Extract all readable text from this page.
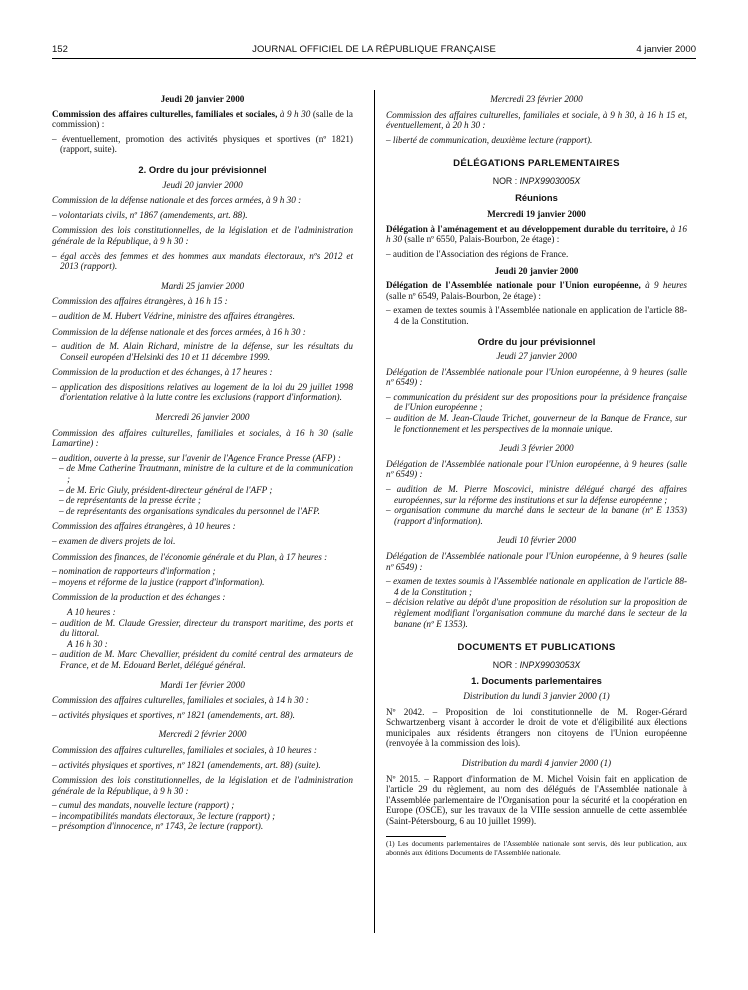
152	JOURNAL OFFICIEL DE LA RÉPUBLIQUE FRANÇAISE	4 janvier 2000
Jeudi 20 janvier 2000

Commission des affaires culturelles, familiales et sociales, à 9 h 30 (salle de la commission) :

– éventuellement, promotion des activités physiques et sportives (nº 1821) (rapport, suite).
2. Ordre du jour prévisionnel
Jeudi 20 janvier 2000

Commission de la défense nationale et des forces armées, à 9 h 30 :

– volontariats civils, nº 1867 (amendements, art. 88).

Commission des lois constitutionnelles, de la législation et de l'administration générale de la République, à 9 h 30 :

– égal accès des femmes et des hommes aux mandats électoraux, nºs 2012 et 2013 (rapport).
Mardi 25 janvier 2000

Commission des affaires étrangères, à 16 h 15 :

– audition de M. Hubert Védrine, ministre des affaires étrangères.

Commission de la défense nationale et des forces armées, à 16 h 30 :

– audition de M. Alain Richard, ministre de la défense, sur les résultats du Conseil européen d'Helsinki des 10 et 11 décembre 1999.

Commission de la production et des échanges, à 17 heures :

– application des dispositions relatives au logement de la loi du 29 juillet 1998 d'orientation relative à la lutte contre les exclusions (rapport d'information).
Mercredi 26 janvier 2000

Commission des affaires culturelles, familiales et sociales, à 16 h 30 (salle Lamartine) :

– audition, ouverte à la presse, sur l'avenir de l'Agence France Presse (AFP) :
– de Mme Catherine Trautmann, ministre de la culture et de la communication ;
– de M. Eric Giuly, président-directeur général de l'AFP ;
– de représentants de la presse écrite ;
– de représentants des organisations syndicales du personnel de l'AFP.

Commission des affaires étrangères, à 10 heures :

– examen de divers projets de loi.

Commission des finances, de l'économie générale et du Plan, à 17 heures :

– nomination de rapporteurs d'information ;
– moyens et réforme de la justice (rapport d'information).

Commission de la production et des échanges :

A 10 heures :
– audition de M. Claude Gressier, directeur du transport maritime, des ports et du littoral.
A 16 h 30 :
– audition de M. Marc Chevallier, président du comité central des armateurs de France, et de M. Edouard Berlet, délégué général.
Mardi 1er février 2000

Commission des affaires culturelles, familiales et sociales, à 14 h 30 :

– activités physiques et sportives, nº 1821 (amendements, art. 88).
Mercredi 2 février 2000

Commission des affaires culturelles, familiales et sociales, à 10 heures :

– activités physiques et sportives, nº 1821 (amendements, art. 88) (suite).

Commission des lois constitutionnelles, de la législation et de l'administration générale de la République, à 9 h 30 :

– cumul des mandats, nouvelle lecture (rapport) ;
– incompatibilités mandats électoraux, 3e lecture (rapport) ;
– présomption d'innocence, nº 1743, 2e lecture (rapport).
Mercredi 23 février 2000

Commission des affaires culturelles, familiales et sociale, à 9 h 30, à 16 h 15 et, éventuellement, à 20 h 30 :

– liberté de communication, deuxième lecture (rapport).
DÉLÉGATIONS PARLEMENTAIRES
NOR : INPX9903005X
Réunions
Mercredi 19 janvier 2000

Délégation à l'aménagement et au développement durable du territoire, à 16 h 30 (salle nº 6550, Palais-Bourbon, 2e étage) :

– audition de l'Association des régions de France.
Jeudi 20 janvier 2000

Délégation de l'Assemblée nationale pour l'Union européenne, à 9 heures (salle nº 6549, Palais-Bourbon, 2e étage) :

– examen de textes soumis à l'Assemblée nationale en application de l'article 88-4 de la Constitution.
Ordre du jour prévisionnel
Jeudi 27 janvier 2000

Délégation de l'Assemblée nationale pour l'Union européenne, à 9 heures (salle nº 6549) :

– communication du président sur des propositions pour la présidence française de l'Union européenne ;
– audition de M. Jean-Claude Trichet, gouverneur de la Banque de France, sur le fonctionnement et les perspectives de la monnaie unique.
Jeudi 3 février 2000

Délégation de l'Assemblée nationale pour l'Union européenne, à 9 heures (salle nº 6549) :

– audition de M. Pierre Moscovici, ministre délégué chargé des affaires européennes, sur la réforme des institutions et sur la défense européenne ;
– organisation commune du marché dans le secteur de la banane (nº E 1353) (rapport d'information).
Jeudi 10 février 2000

Délégation de l'Assemblée nationale pour l'Union européenne, à 9 heures (salle nº 6549) :

– examen de textes soumis à l'Assemblée nationale en application de l'article 88-4 de la Constitution ;
– décision relative au dépôt d'une proposition de résolution sur la proposition de règlement modifiant l'organisation commune du marché dans le secteur de la banane (nº E 1353).
DOCUMENTS ET PUBLICATIONS
NOR : INPX9903053X
1. Documents parlementaires
Distribution du lundi 3 janvier 2000 (1)

Nº 2042. – Proposition de loi constitutionnelle de M. Roger-Gérard Schwartzenberg visant à accorder le droit de vote et d'éligibilité aux élections municipales aux résidents étrangers non citoyens de l'Union européenne (renvoyée à la commission des lois).

Distribution du mardi 4 janvier 2000 (1)

Nº 2015. – Rapport d'information de M. Michel Voisin fait en application de l'article 29 du règlement, au nom des délégués de l'Assemblée nationale à l'Assemblée parlementaire de l'Organisation pour la sécurité et la coopération en Europe (OSCE), sur les travaux de la VIIIe session annuelle de cette assemblée (Saint-Pétersbourg, 6 au 10 juillet 1999).

(1) Les documents parlementaires de l'Assemblée nationale sont servis, dès leur publication, aux abonnés aux éditions Documents de l'Assemblée nationale.
